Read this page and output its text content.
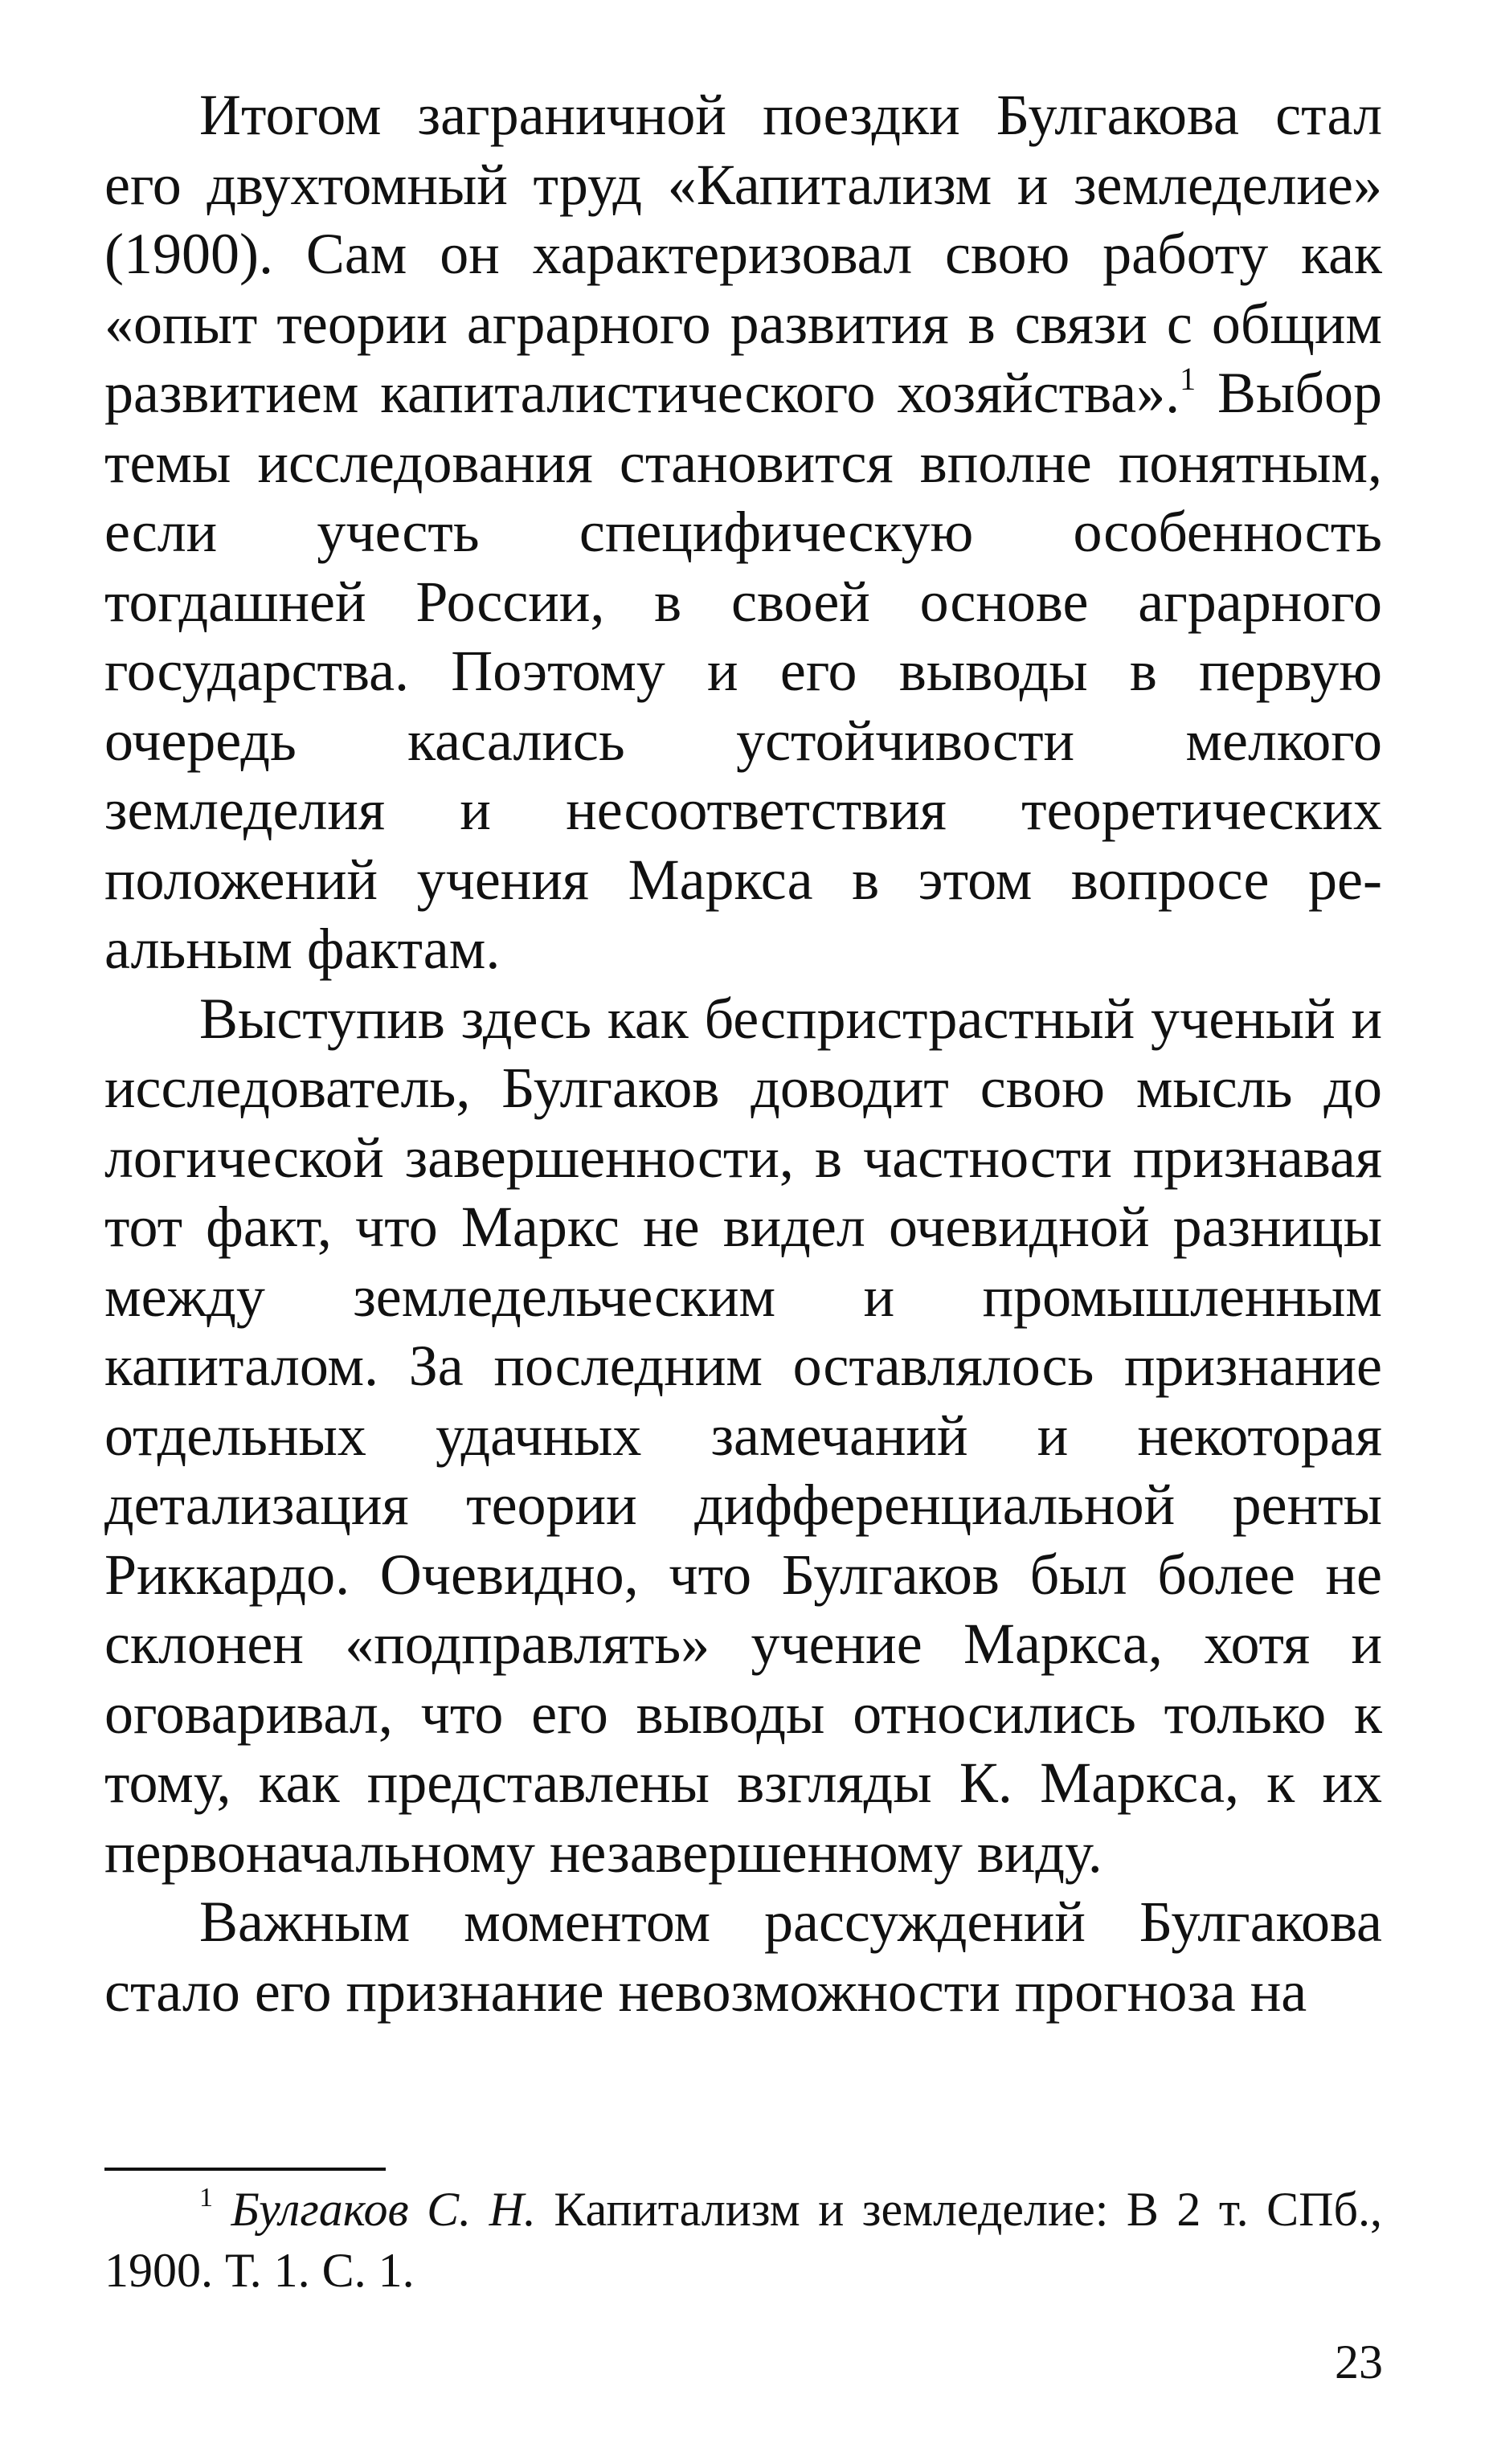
Итогом заграничной поездки Булгакова стал его двухтомный труд «Капитализм и земледелие» (1900). Сам он характеризовал свою работу как «опыт теории аграрного развития в связи с общим развитием капиталистического хозяйства».$^1$ Выбор темы исследования становится вполне понятным, если учесть специфическую особенность тогдашней России, в своей основе аграрного государства. Поэтому и его выводы в первую очередь касались устойчивости мелкого земледелия и несоответствия теоретических положений учения Маркса в этом вопросе реальным фактам.

Выступив здесь как беспристрастный ученый и исследователь, Булгаков доводит свою мысль до логической завершенности, в частности признавая тот факт, что Маркс не видел очевидной разницы между земледельческим и промышленным капиталом. За последним оставлялось признание отдельных удачных замечаний и некоторая детализация теории дифференциальной ренты Риккардо. Очевидно, что Булгаков был более не склонен «подправлять» учение Маркса, хотя и оговаривал, что его выводы относились только к тому, как представлены взгляды К. Маркса, к их первоначальному незавершенному виду.

Важным моментом рассуждений Булгакова стало его признание невозможности прогноза на

$^1$ Булгаков С. Н. Капитализм и земледелие: В 2 т. СПб., 1900. Т. 1. С. 1.

23
